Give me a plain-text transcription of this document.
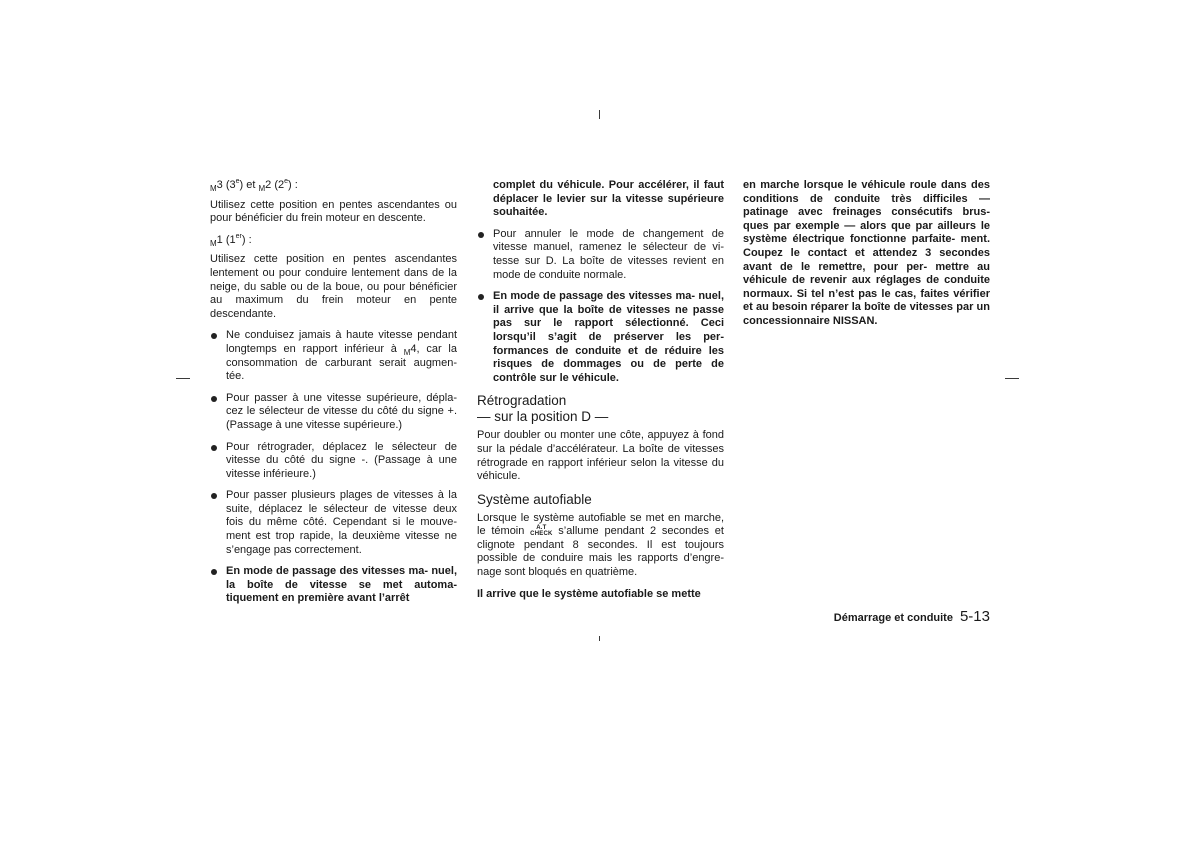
$_M$3 (3e) et $_M$2 (2e) :

Utilisez cette position en pentes ascendantes ou pour bénéficier du frein moteur en descente.

$_M$1 (1er) :

Utilisez cette position en pentes ascendantes lentement ou pour conduire lentement dans de la neige, du sable ou de la boue, ou pour bénéficier au maximum du frein moteur en pente descendante.

Ne conduisez jamais à haute vitesse pendant longtemps en rapport inférieur à $_M$4, car la consommation de carburant serait augmen- tée.
Pour passer à une vitesse supérieure, dépla- cez le sélecteur de vitesse du côté du signe +. (Passage à une vitesse supérieure.)
Pour rétrograder, déplacez le sélecteur de vitesse du côté du signe -. (Passage à une vitesse inférieure.)
Pour passer plusieurs plages de vitesses à la suite, déplacez le sélecteur de vitesse deux fois du même côté. Cependant si le mouve- ment est trop rapide, la deuxième vitesse ne s’engage pas correctement.
En mode de passage des vitesses ma- nuel, la boîte de vitesse se met automa- tiquement en première avant l’arrêt

complet du véhicule. Pour accélérer, il faut déplacer le levier sur la vitesse supérieure souhaitée.

Pour annuler le mode de changement de vitesse manuel, ramenez le sélecteur de vi- tesse sur D. La boîte de vitesses revient en mode de conduite normale.
En mode de passage des vitesses ma- nuel, il arrive que la boîte de vitesses ne passe pas sur le rapport sélectionné. Ceci lorsqu’il s’agit de préserver les per- formances de conduite et de réduire les risques de dommages ou de perte de contrôle sur le véhicule.
Rétrogradation
— sur la position D —

Pour doubler ou monter une côte, appuyez à fond sur la pédale d’accélérateur. La boîte de vitesses rétrograde en rapport inférieur selon la vitesse du véhicule.

Système autofiable

Lorsque le système autofiable se met en marche, le témoin A.T
CHECK s’allume pendant 2 secondes et clignote pendant 8 secondes. Il est toujours possible de conduire mais les rapports d’engre- nage sont bloqués en quatrième.

Il arrive que le système autofiable se mette

en marche lorsque le véhicule roule dans des conditions de conduite très difficiles — patinage avec freinages consécutifs brus- ques par exemple — alors que par ailleurs le système électrique fonctionne parfaite- ment. Coupez le contact et attendez 3 secondes avant de le remettre, pour per- mettre au véhicule de revenir aux réglages de conduite normaux. Si tel n’est pas le cas, faites vérifier et au besoin réparer la boîte de vitesses par un concessionnaire NISSAN.

Démarrage et conduite 5-13
